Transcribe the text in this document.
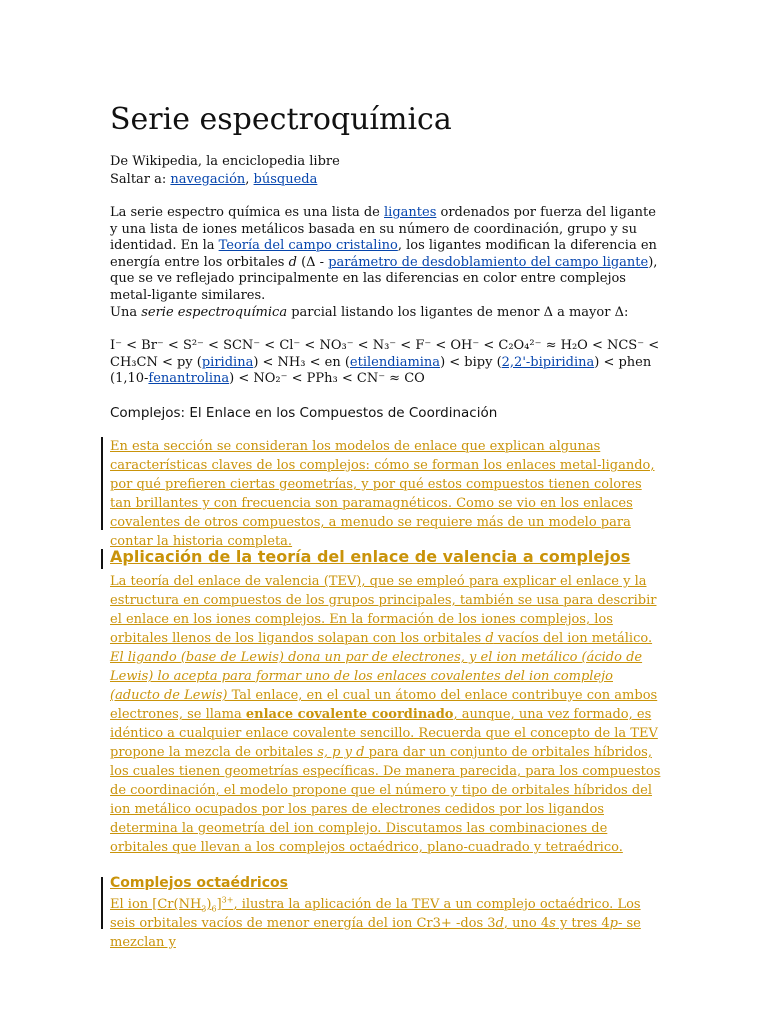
Serie espectroquímica
De Wikipedia, la enciclopedia libre
Saltar a: navegación, búsqueda
La serie espectro química es una lista de ligantes ordenados por fuerza del ligante y una lista de iones metálicos basada en su número de coordinación, grupo y su identidad. En la Teoría del campo cristalino, los ligantes modifican la diferencia en energía entre los orbitales d (Δ - parámetro de desdoblamiento del campo ligante), que se ve reflejado principalmente en las diferencias en color entre complejos metal-ligante similares.
Una serie espectroquímica parcial listando los ligantes de menor Δ a mayor Δ:
I⁻ < Br⁻ < S²⁻ < SCN⁻ < Cl⁻ < NO₃⁻ < N₃⁻ < F⁻ < OH⁻ < C₂O₄²⁻ ≈ H₂O < NCS⁻ < CH₃CN < py (piridina) < NH₃ < en (etilendiamina) < bipy (2,2'-bipiridina) < phen (1,10-fenantrolina) < NO₂⁻ < PPh₃ < CN⁻ ≈ CO
Complejos: El Enlace en los Compuestos de Coordinación
En esta sección se consideran los modelos de enlace que explican algunas características claves de los complejos: cómo se forman los enlaces metal-ligando, por qué prefieren ciertas geometrías, y por qué estos compuestos tienen colores tan brillantes y con frecuencia son paramagnéticos. Como se vio en los enlaces covalentes de otros compuestos, a menudo se requiere más de un modelo para contar la historia completa.
Aplicación de la teoría del enlace de valencia a complejos
La teoría del enlace de valencia (TEV), que se empleó para explicar el enlace y la estructura en compuestos de los grupos principales, también se usa para describir el enlace en los iones complejos. En la formación de los iones complejos, los orbitales llenos de los ligandos solapan con los orbitales d vacíos del ion metálico. El ligando (base de Lewis) dona un par de electrones, y el ion metálico (ácido de Lewis) lo acepta para formar uno de los enlaces covalentes del ion complejo (aducto de Lewis) Tal enlace, en el cual un átomo del enlace contribuye con ambos electrones, se llama enlace covalente coordinado, aunque, una vez formado, es idéntico a cualquier enlace covalente sencillo. Recuerda que el concepto de la TEV propone la mezcla de orbitales s, p y d para dar un conjunto de orbitales híbridos, los cuales tienen geometrías específicas. De manera parecida, para los compuestos de coordinación, el modelo propone que el número y tipo de orbitales híbridos del ion metálico ocupados por los pares de electrones cedidos por los ligandos determina la geometría del ion complejo. Discutamos las combinaciones de orbitales que llevan a los complejos octaédrico, plano-cuadrado y tetraédrico.
Complejos octaédricos
El ion $[Cr(NH_3)_6]^{3+}$, ilustra la aplicación de la TEV a un complejo octaédrico. Los seis orbitales vacíos de menor energía del ion Cr3+ -dos 3d, uno 4s y tres 4p- se mezclan y
